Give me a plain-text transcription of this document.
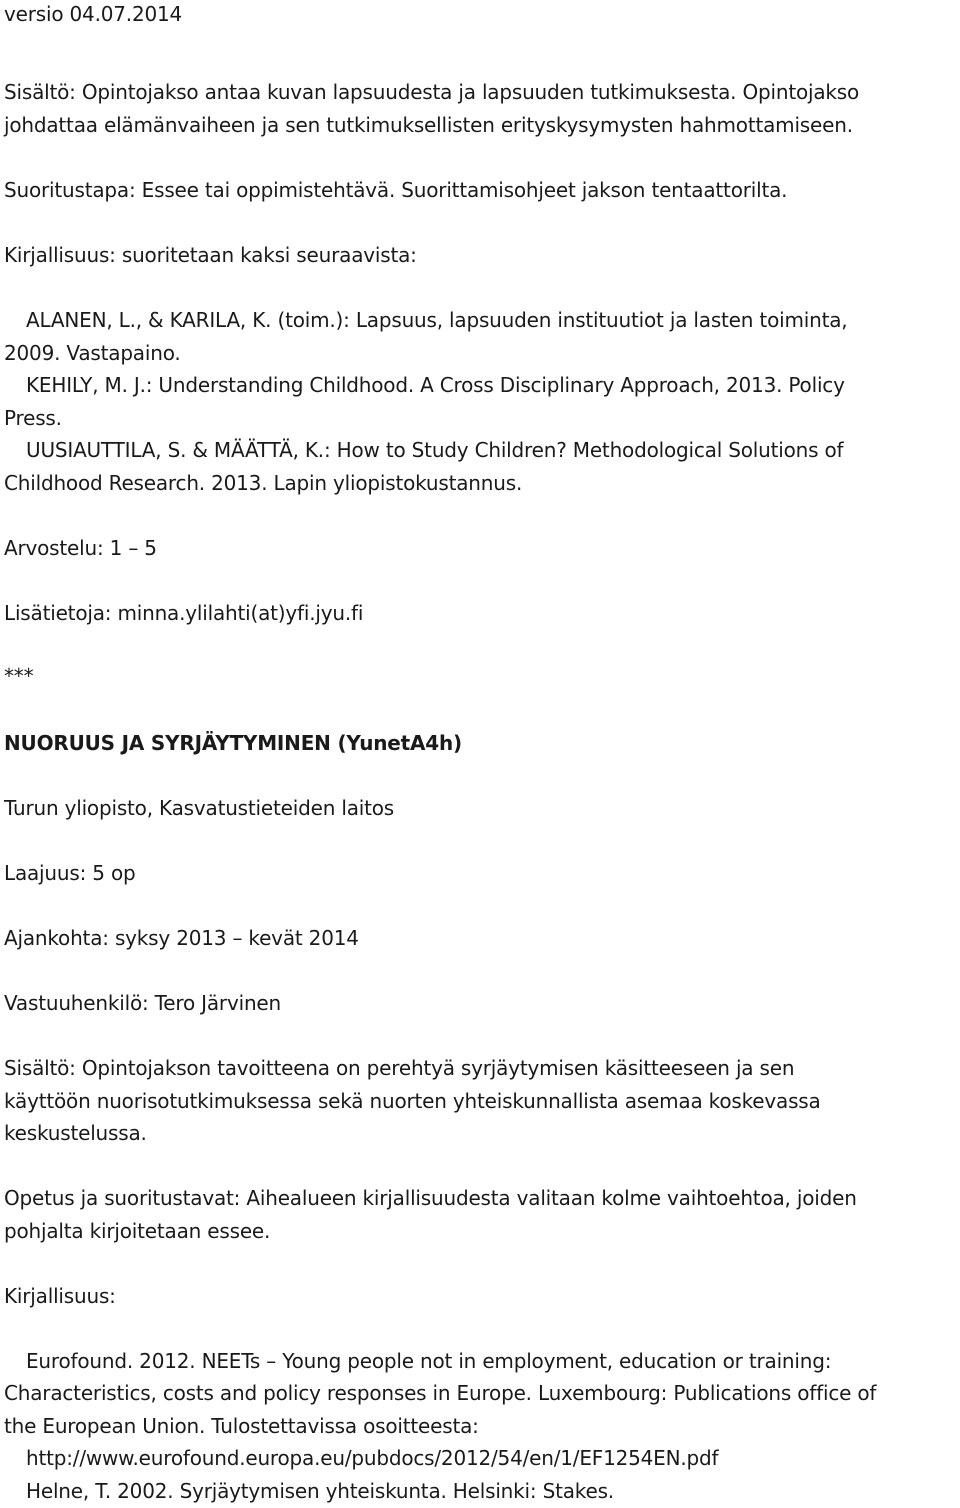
versio 04.07.2014
Sisältö: Opintojakso antaa kuvan lapsuudesta ja lapsuuden tutkimuksesta. Opintojakso
johdattaa elämänvaiheen ja sen tutkimuksellisten erityskysymysten hahmottamiseen.
Suoritustapa: Essee tai oppimistehtävä. Suorittamisohjeet jakson tentaattorilta.
Kirjallisuus: suoritetaan kaksi seuraavista:
ALANEN, L., & KARILA, K. (toim.): Lapsuus, lapsuuden instituutiot ja lasten toiminta,
2009. Vastapaino.
KEHILY, M. J.: Understanding Childhood. A Cross Disciplinary Approach, 2013. Policy
Press.
UUSIAUTTILA, S. & MÄÄTTÄ, K.: How to Study Children? Methodological Solutions of
Childhood Research. 2013. Lapin yliopistokustannus.
Arvostelu: 1 – 5
Lisätietoja: minna.ylilahti(at)yfi.jyu.fi
***
NUORUUS JA SYRJÄYTYMINEN (YunetA4h)
Turun yliopisto, Kasvatustieteiden laitos
Laajuus: 5 op
Ajankohta: syksy 2013 – kevät 2014
Vastuuhenkilö: Tero Järvinen
Sisältö: Opintojakson tavoitteena on perehtyä syrjäytymisen käsitteeseen ja sen
käyttöön nuorisotutkimuksessa sekä nuorten yhteiskunnallista asemaa koskevassa
keskustelussa.
Opetus ja suoritustavat: Aihealueen kirjallisuudesta valitaan kolme vaihtoehtoa, joiden
pohjalta kirjoitetaan essee.
Kirjallisuus:
Eurofound. 2012. NEETs – Young people not in employment, education or training:
Characteristics, costs and policy responses in Europe. Luxembourg: Publications office of
the European Union. Tulostettavissa osoitteesta:
http://www.eurofound.europa.eu/pubdocs/2012/54/en/1/EF1254EN.pdf
Helne, T. 2002. Syrjäytymisen yhteiskunta. Helsinki: Stakes.
